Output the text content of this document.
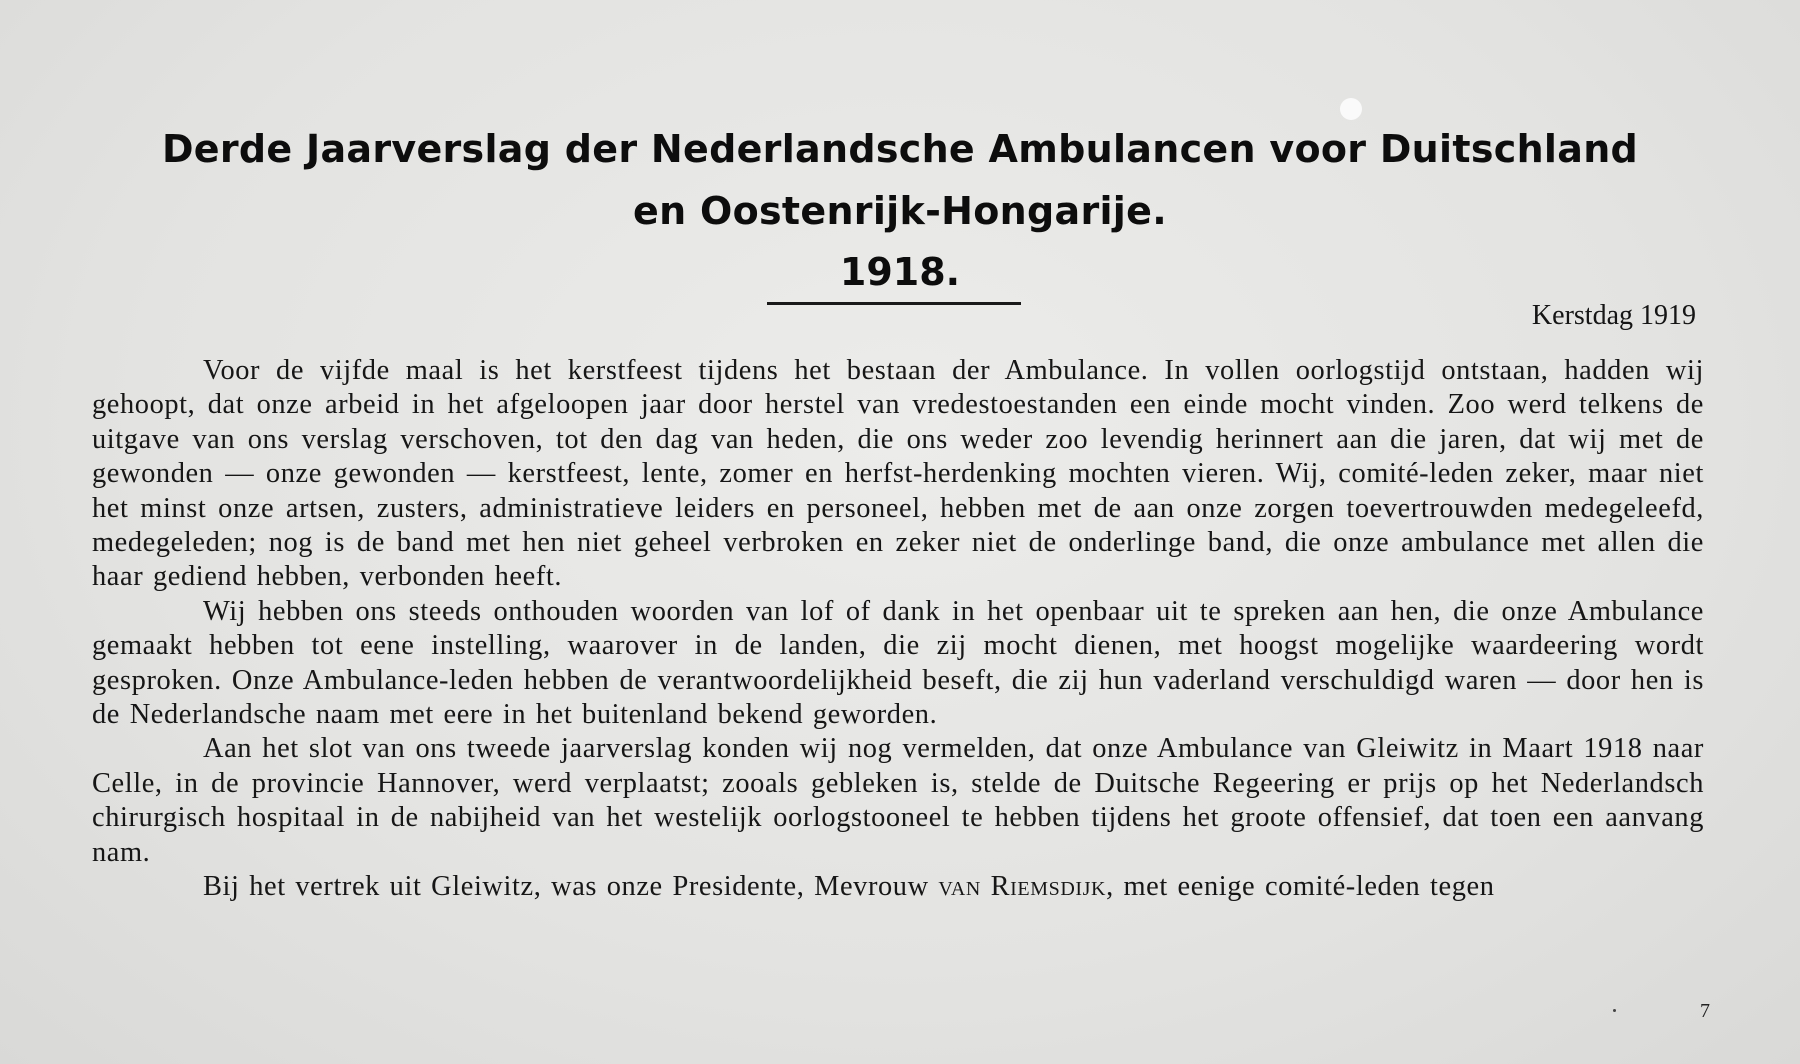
Derde Jaarverslag der Nederlandsche Ambulancen voor Duitschland
en Oostenrijk-Hongarije.
1918.
Kerstdag 1919

Voor de vijfde maal is het kerstfeest tijdens het bestaan der Ambulance. In vollen oorlogstijd ontstaan, hadden wij gehoopt, dat onze arbeid in het afgeloopen jaar door herstel van vredestoestanden een einde mocht vinden. Zoo werd telkens de uitgave van ons verslag verschoven, tot den dag van heden, die ons weder zoo levendig herinnert aan die jaren, dat wij met de gewonden — onze gewonden — kerstfeest, lente, zomer en herfst-herdenking mochten vieren. Wij, comité-leden zeker, maar niet het minst onze artsen, zusters, administratieve leiders en personeel, hebben met de aan onze zorgen toevertrouwden medegeleefd, medegeleden; nog is de band met hen niet geheel verbroken en zeker niet de onderlinge band, die onze ambulance met allen die haar gediend hebben, verbonden heeft.

Wij hebben ons steeds onthouden woorden van lof of dank in het openbaar uit te spreken aan hen, die onze Ambulance gemaakt hebben tot eene instelling, waarover in de landen, die zij mocht dienen, met hoogst mogelijke waardeering wordt gesproken. Onze Ambulance-leden hebben de verantwoordelijkheid beseft, die zij hun vaderland verschuldigd waren — door hen is de Nederlandsche naam met eere in het buitenland bekend geworden.

Aan het slot van ons tweede jaarverslag konden wij nog vermelden, dat onze Ambulance van Gleiwitz in Maart 1918 naar Celle, in de provincie Hannover, werd verplaatst; zooals gebleken is, stelde de Duitsche Regeering er prijs op het Nederlandsch chirurgisch hospitaal in de nabijheid van het westelijk oorlogstooneel te hebben tijdens het groote offensief, dat toen een aanvang nam.

Bij het vertrek uit Gleiwitz, was onze Presidente, Mevrouw van Riemsdijk, met eenige comité-leden tegen

7
